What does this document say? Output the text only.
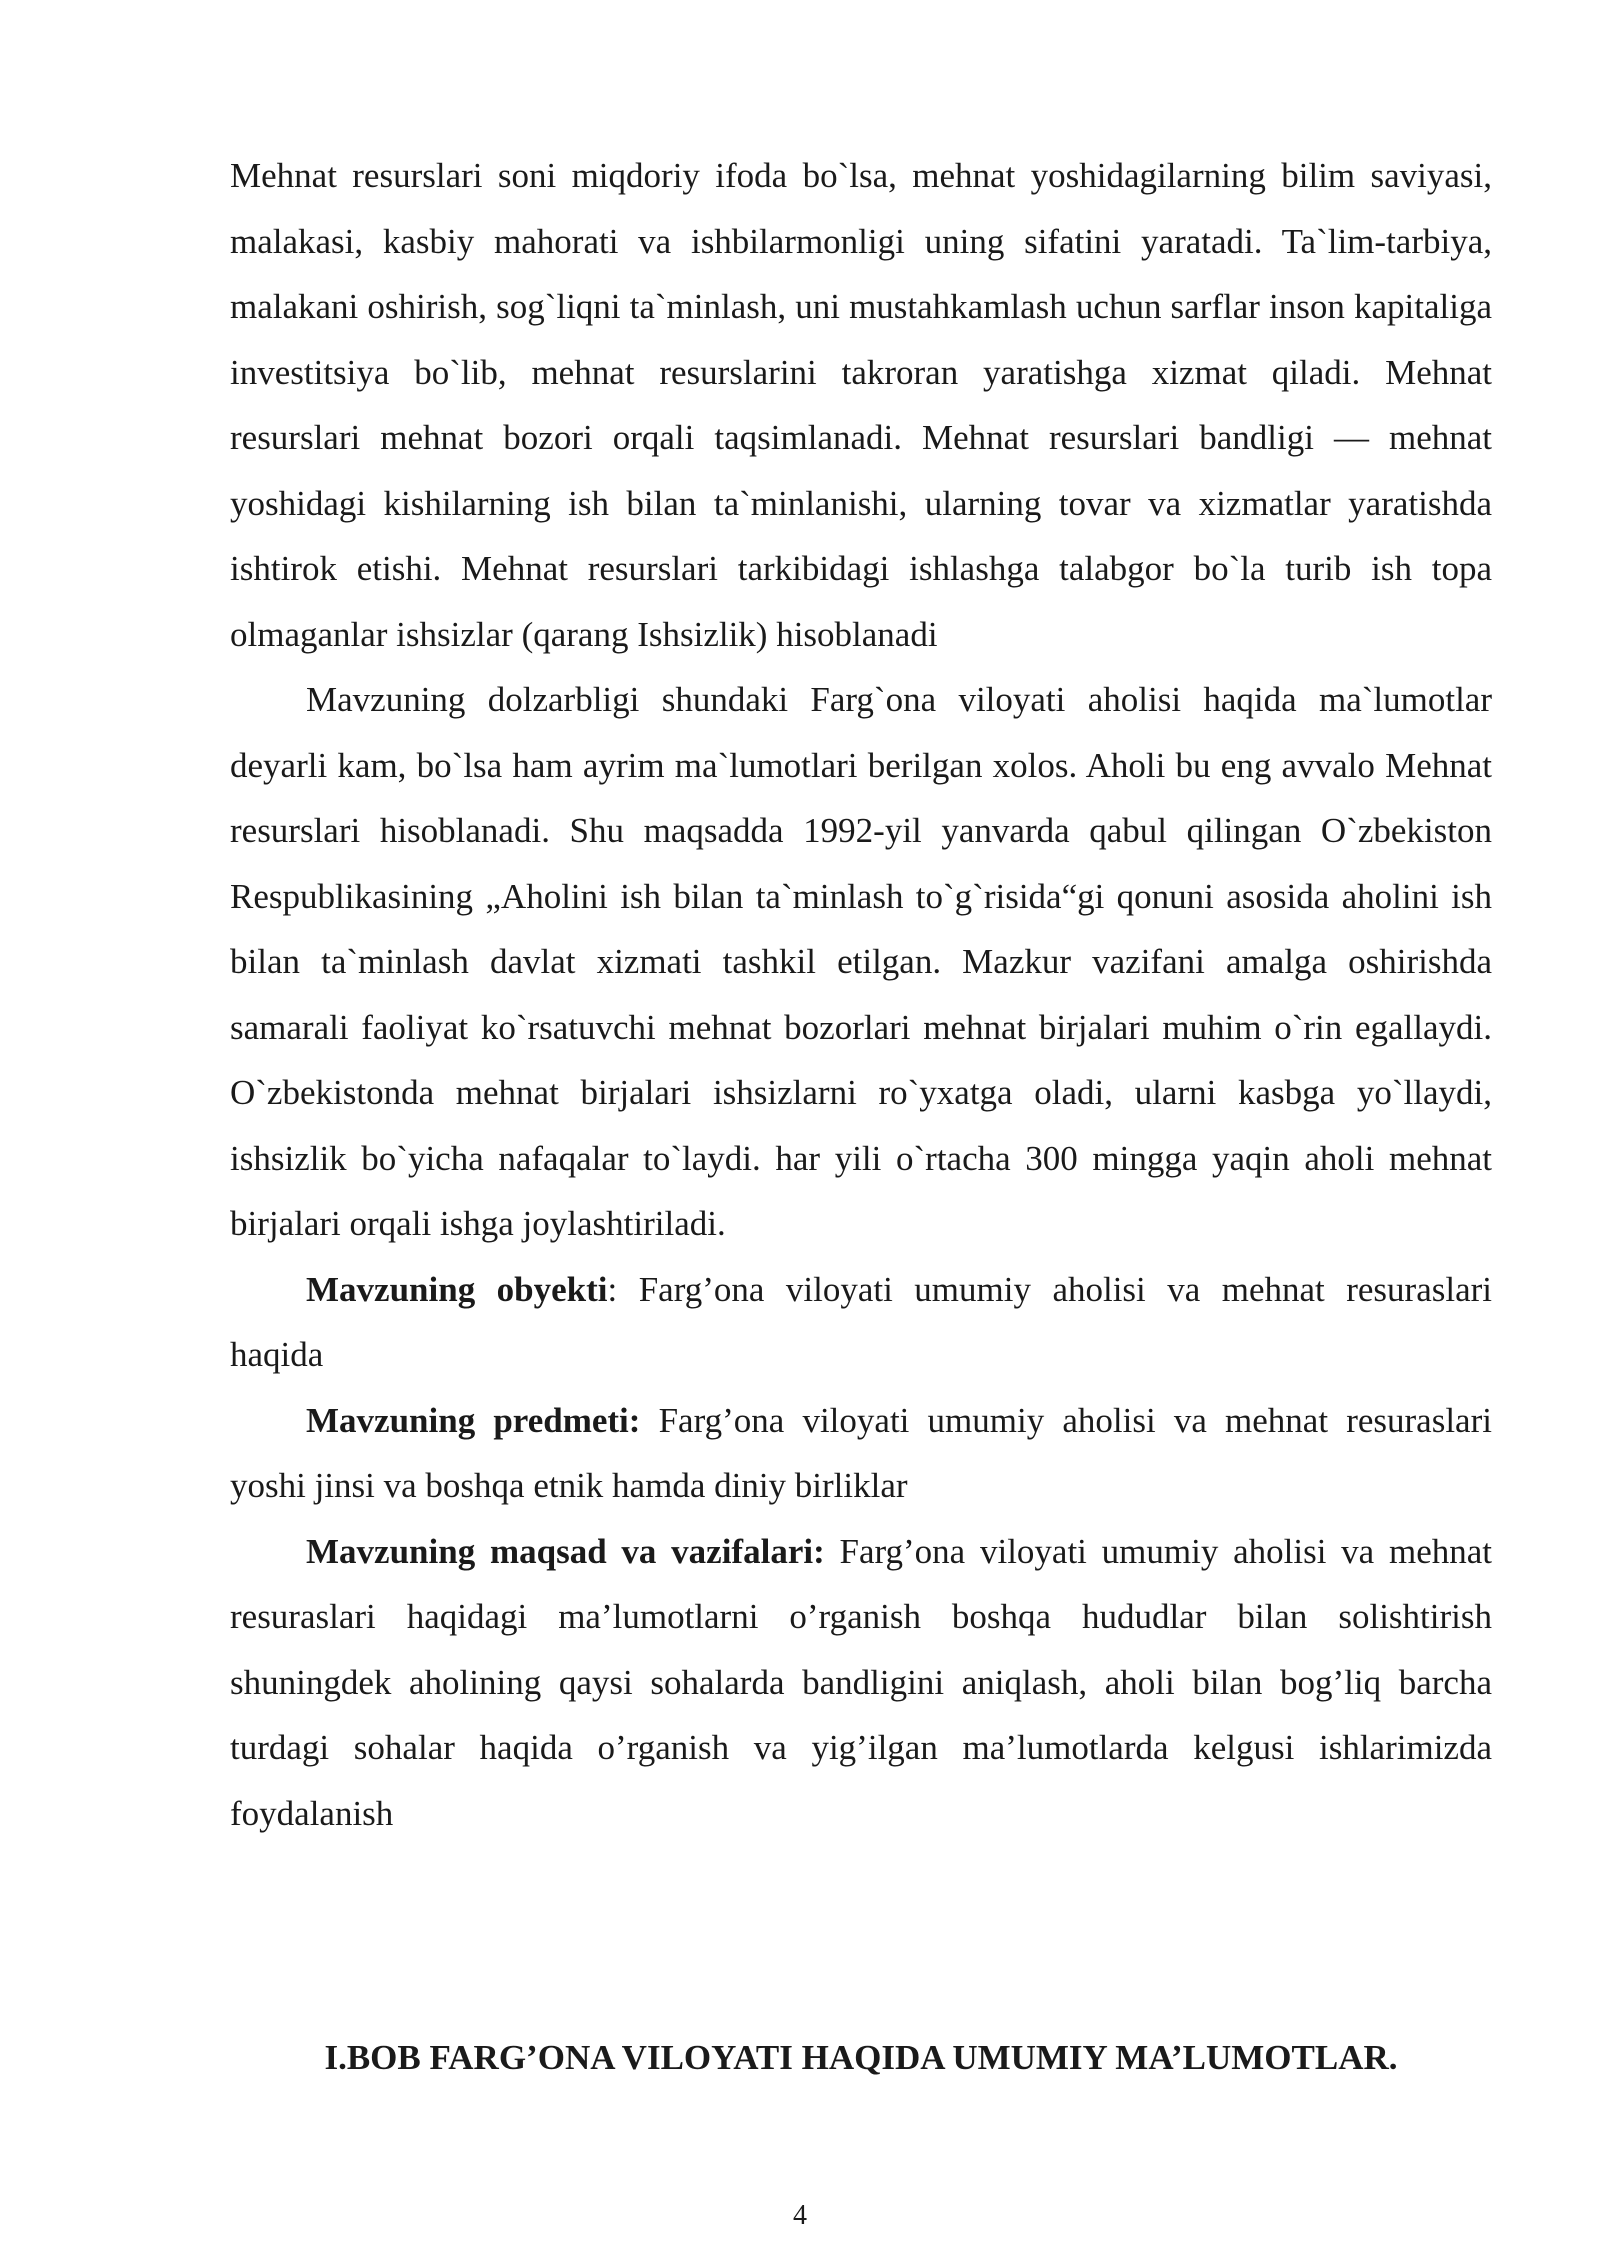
Mehnat resurslari soni miqdoriy ifoda bo`lsa, mehnat yoshidagilarning bilim saviyasi, malakasi, kasbiy mahorati va ishbilarmonligi uning sifatini yaratadi. Ta`lim-tarbiya, malakani oshirish, sog`liqni ta`minlash, uni mustahkamlash uchun sarflar inson kapitaliga investitsiya bo`lib, mehnat resurslarini takroran yaratishga xizmat qiladi. Mehnat resurslari mehnat bozori orqali taqsimlanadi. Mehnat resurslari bandligi — mehnat yoshidagi kishilarning ish bilan ta`minlanishi, ularning tovar va xizmatlar yaratishda ishtirok etishi. Mehnat resurslari tarkibidagi ishlashga talabgor bo`la turib ish topa olmaganlar ishsizlar (qarang Ishsizlik) hisoblanadi

Mavzuning dolzarbligi shundaki Farg`ona viloyati aholisi haqida ma`lumotlar deyarli kam, bo`lsa ham ayrim ma`lumotlari berilgan xolos. Aholi bu eng avvalo Mehnat resurslari hisoblanadi. Shu maqsadda 1992-yil yanvarda qabul qilingan O`zbekiston Respublikasining „Aholini ish bilan ta`minlash to`g`risida“gi qonuni asosida aholini ish bilan ta`minlash davlat xizmati tashkil etilgan. Mazkur vazifani amalga oshirishda samarali faoliyat ko`rsatuvchi mehnat bozorlari mehnat birjalari muhim o`rin egallaydi. O`zbekistonda mehnat birjalari ishsizlarni ro`yxatga oladi, ularni kasbga yo`llaydi, ishsizlik bo`yicha nafaqalar to`laydi. har yili o`rtacha 300 mingga yaqin aholi mehnat birjalari orqali ishga joylashtiriladi.

Mavzuning obyekti: Farg’ona viloyati umumiy aholisi va mehnat resuraslari haqida

Mavzuning predmeti: Farg’ona viloyati umumiy aholisi va mehnat resuraslari yoshi jinsi va boshqa etnik hamda diniy birliklar

Mavzuning maqsad va vazifalari: Farg’ona viloyati umumiy aholisi va mehnat resuraslari haqidagi ma’lumotlarni o’rganish boshqa hududlar bilan solishtirish shuningdek aholining qaysi sohalarda bandligini aniqlash, aholi bilan bog’liq barcha turdagi sohalar haqida o’rganish va yig’ilgan ma’lumotlarda kelgusi ishlarimizda foydalanish

I.BOB FARG’ONA VILOYATI HAQIDA UMUMIY MA’LUMOTLAR.
4
